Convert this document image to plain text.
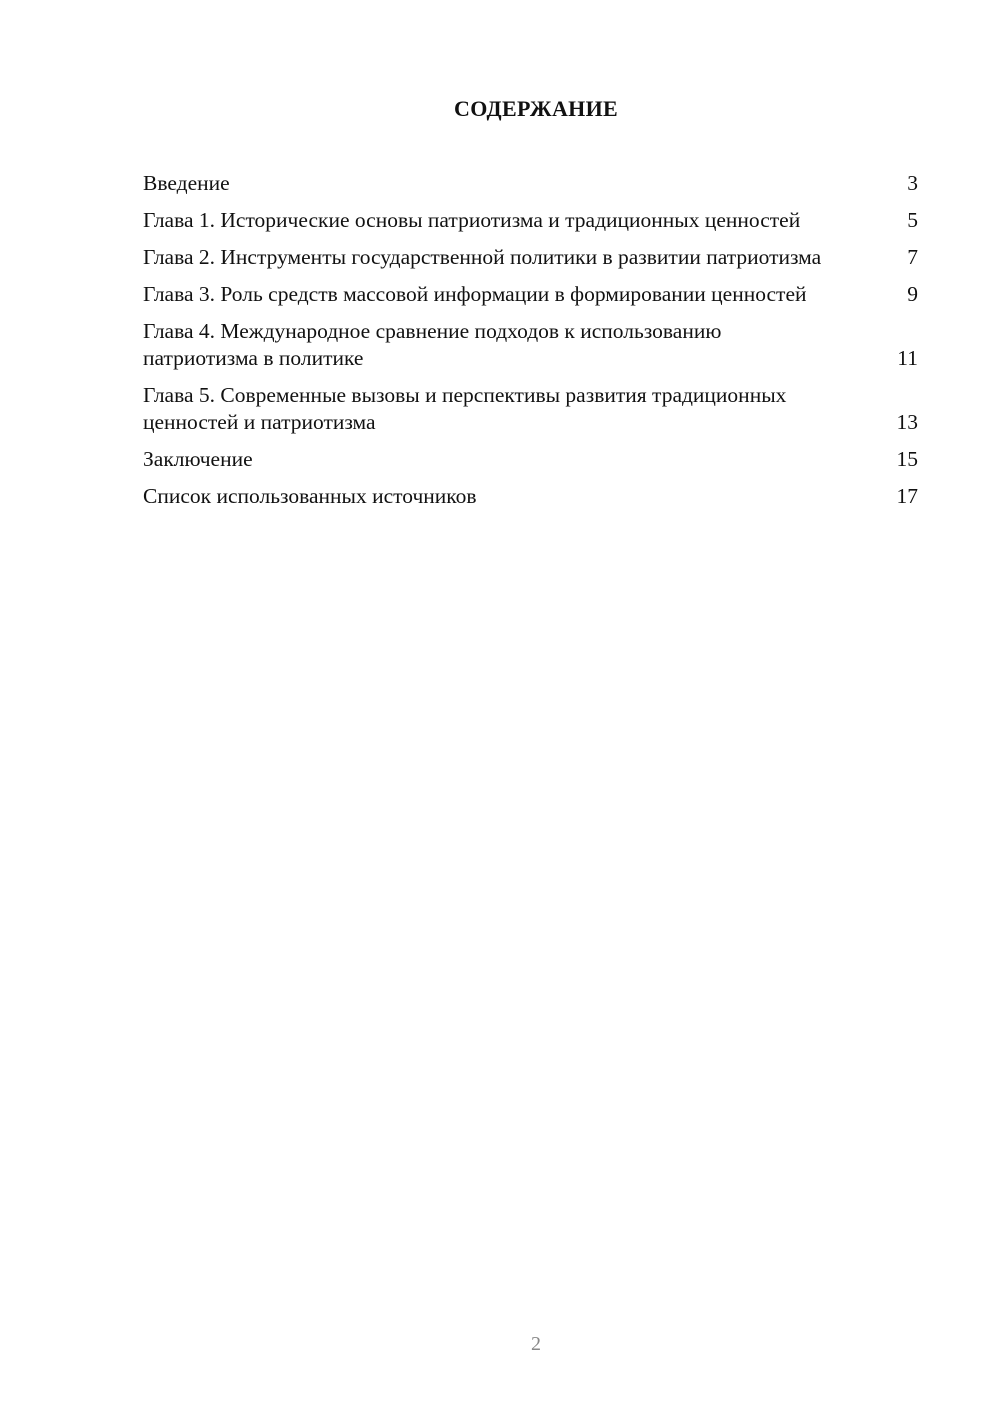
СОДЕРЖАНИЕ
Введение	3
Глава 1. Исторические основы патриотизма и традиционных ценностей	5
Глава 2. Инструменты государственной политики в развитии патриотизма	7
Глава 3. Роль средств массовой информации в формировании ценностей	9
Глава 4. Международное сравнение подходов к использованию патриотизма в политике	11
Глава 5. Современные вызовы и перспективы развития традиционных ценностей и патриотизма	13
Заключение	15
Список использованных источников	17
2
